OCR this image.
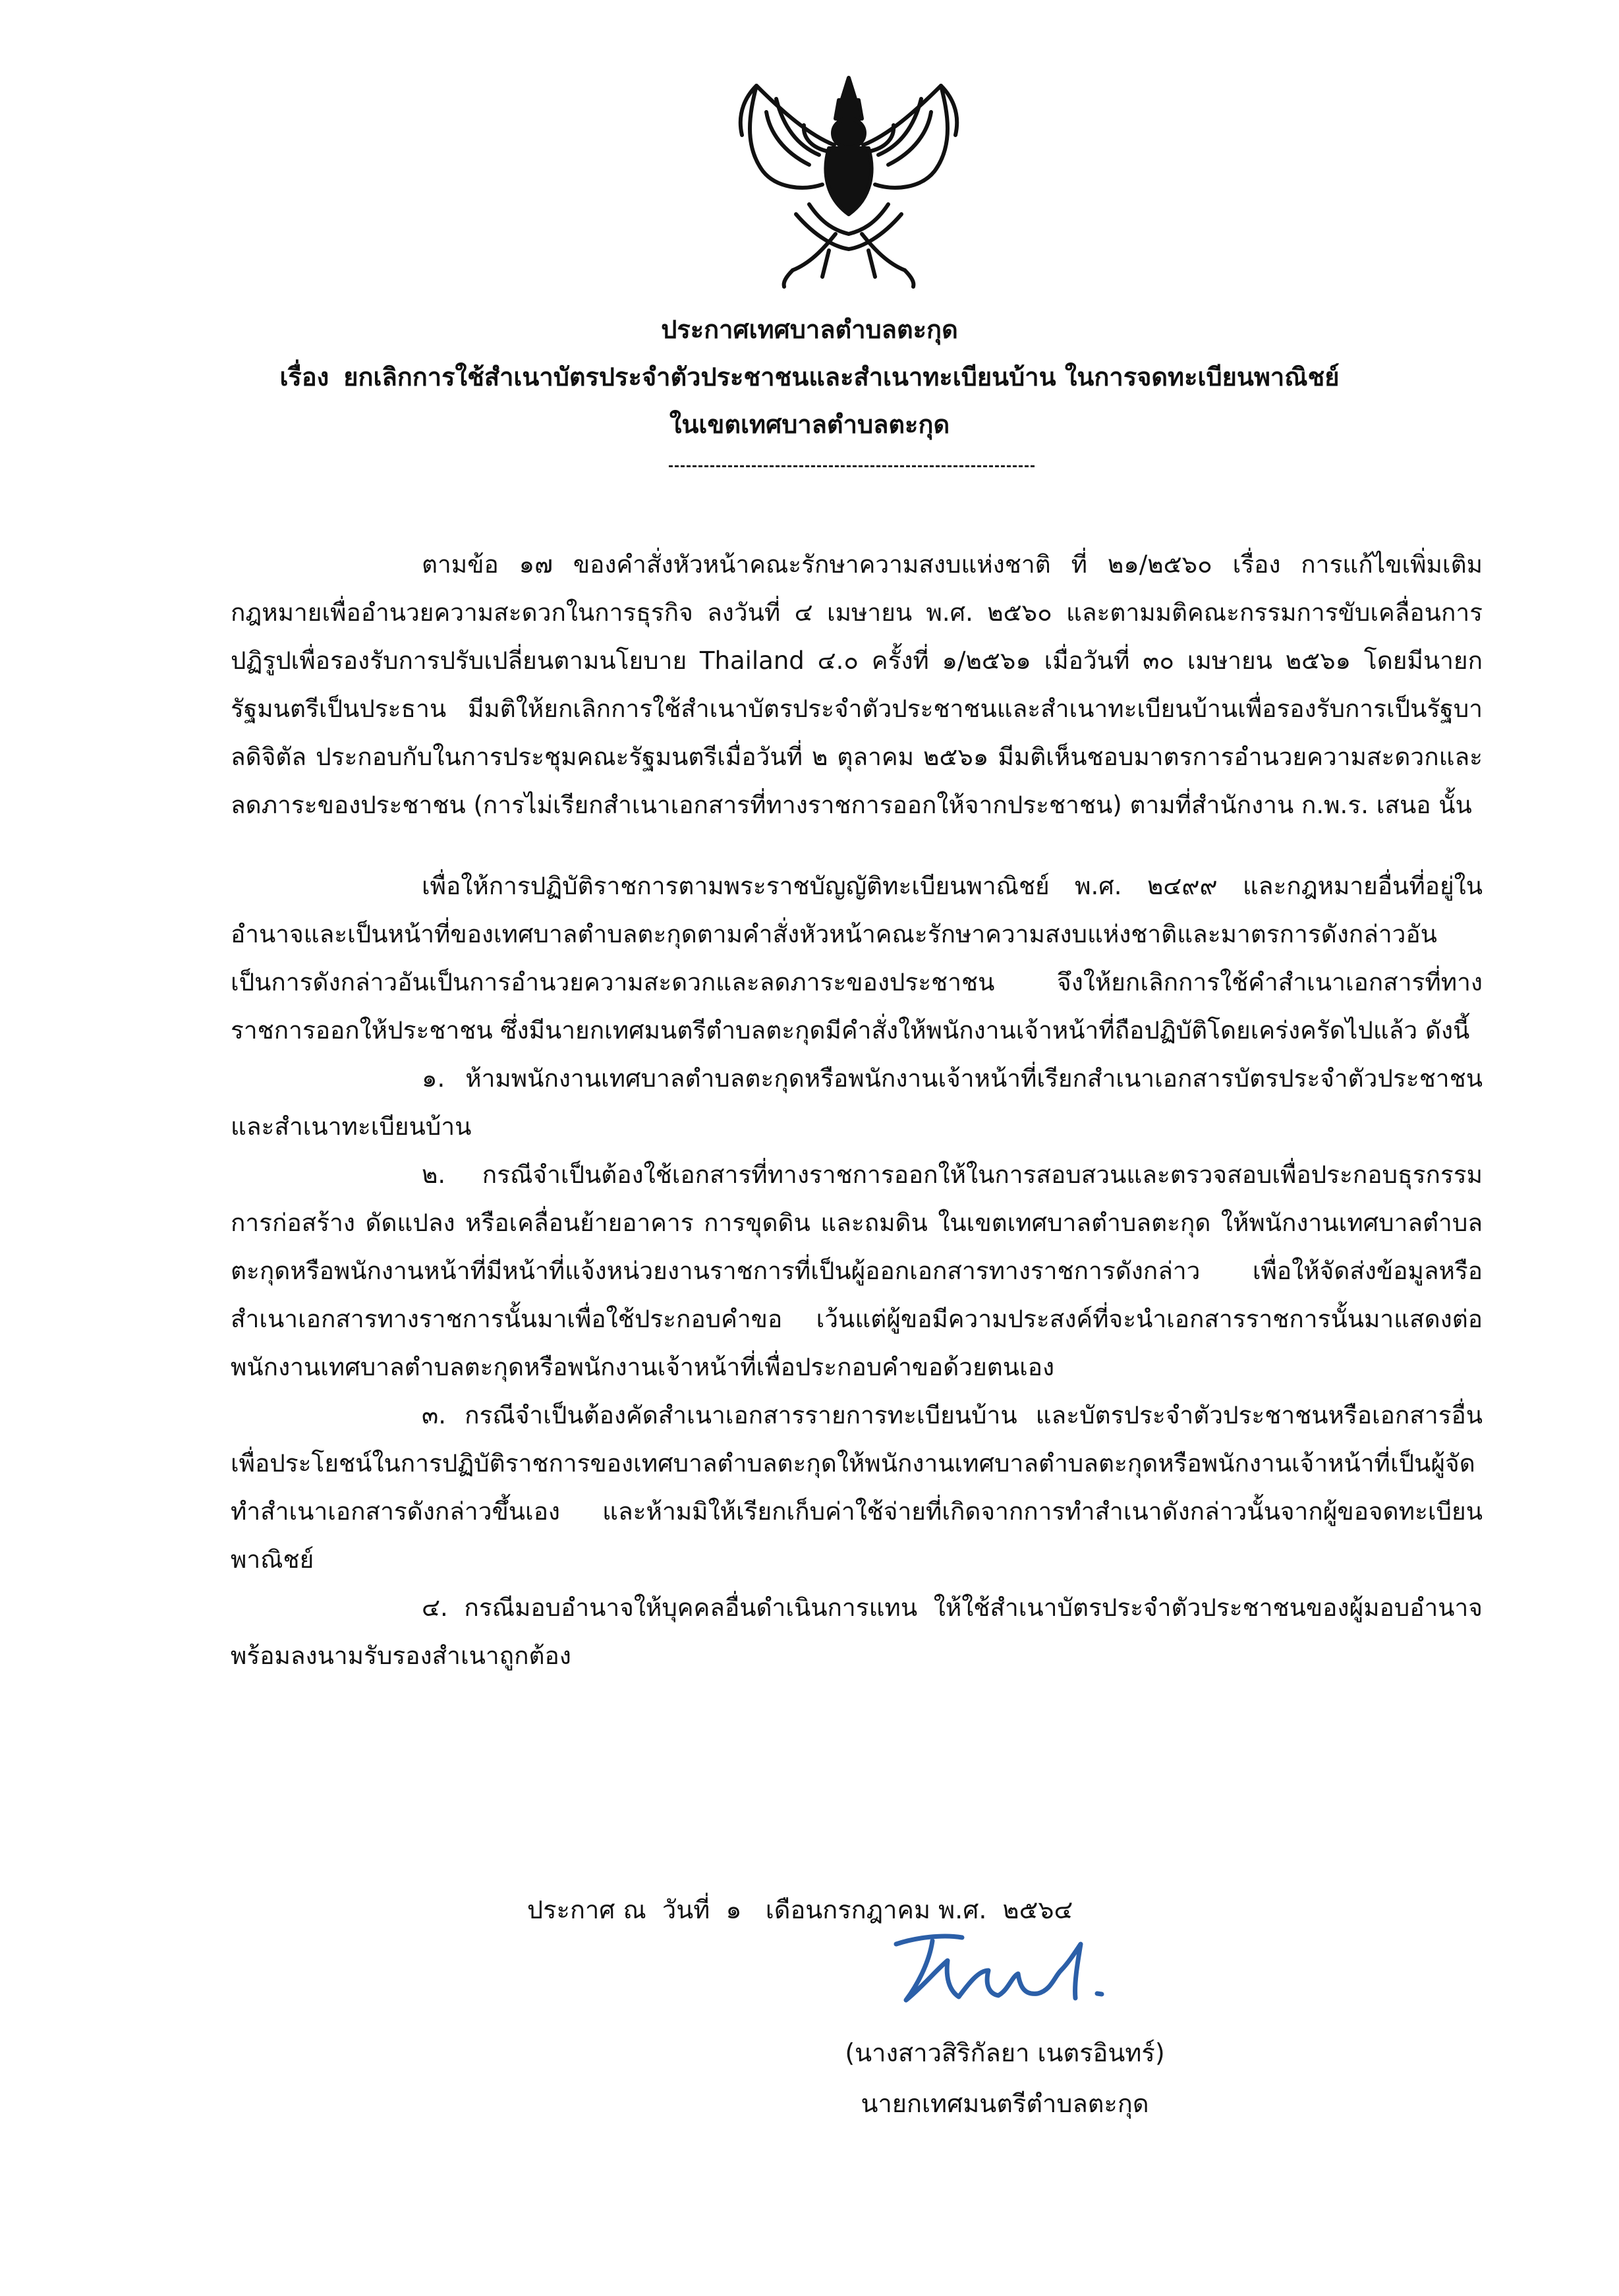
ประกาศเทศบาลตำบลตะกุด
เรื่อง ยกเลิกการใช้สำเนาบัตรประจำตัวประชาชนและสำเนาทะเบียนบ้าน ในการจดทะเบียนพาณิชย์
ในเขตเทศบาลตำบลตะกุด

ตามข้อ ๑๗ ของคำสั่งหัวหน้าคณะรักษาความสงบแห่งชาติ ที่ ๒๑/๒๕๖๐ เรื่อง การแก้ไขเพิ่มเติมกฎหมายเพื่ออำนวยความสะดวกในการธุรกิจ ลงวันที่ ๔ เมษายน พ.ศ. ๒๕๖๐ และตามมติคณะกรรมการขับเคลื่อนการปฏิรูปเพื่อรองรับการปรับเปลี่ยนตามนโยบาย Thailand ๔.๐ ครั้งที่ ๑/๒๕๖๑ เมื่อวันที่ ๓๐ เมษายน ๒๕๖๑ โดยมีนายกรัฐมนตรีเป็นประธาน มีมติให้ยกเลิกการใช้สำเนาบัตรประจำตัวประชาชนและสำเนาทะเบียนบ้านเพื่อรองรับการเป็นรัฐบาลดิจิตัล ประกอบกับในการประชุมคณะรัฐมนตรีเมื่อวันที่ ๒ ตุลาคม ๒๕๖๑ มีมติเห็นชอบมาตรการอำนวยความสะดวกและลดภาระของประชาชน (การไม่เรียกสำเนาเอกสารที่ทางราชการออกให้จากประชาชน) ตามที่สำนักงาน ก.พ.ร. เสนอ นั้น

เพื่อให้การปฏิบัติราชการตามพระราชบัญญัติทะเบียนพาณิชย์ พ.ศ. ๒๔๙๙ และกฎหมายอื่นที่อยู่ในอำนาจและเป็นหน้าที่ของเทศบาลตำบลตะกุดตามคำสั่งหัวหน้าคณะรักษาความสงบแห่งชาติและมาตรการดังกล่าวอันเป็นการดังกล่าวอันเป็นการอำนวยความสะดวกและลดภาระของประชาชน จึงให้ยกเลิกการใช้คำสำเนาเอกสารที่ทางราชการออกให้ประชาชน ซึ่งมีนายกเทศมนตรีตำบลตะกุดมีคำสั่งให้พนักงานเจ้าหน้าที่ถือปฏิบัติโดยเคร่งครัดไปแล้ว ดังนี้

๑. ห้ามพนักงานเทศบาลตำบลตะกุดหรือพนักงานเจ้าหน้าที่เรียกสำเนาเอกสารบัตรประจำตัวประชาชนและสำเนาทะเบียนบ้าน

๒. กรณีจำเป็นต้องใช้เอกสารที่ทางราชการออกให้ในการสอบสวนและตรวจสอบเพื่อประกอบธุรกรรมการก่อสร้าง ดัดแปลง หรือเคลื่อนย้ายอาคาร การขุดดิน และถมดิน ในเขตเทศบาลตำบลตะกุด ให้พนักงานเทศบาลตำบลตะกุดหรือพนักงานหน้าที่มีหน้าที่แจ้งหน่วยงานราชการที่เป็นผู้ออกเอกสารทางราชการดังกล่าว เพื่อให้จัดส่งข้อมูลหรือสำเนาเอกสารทางราชการนั้นมาเพื่อใช้ประกอบคำขอ เว้นแต่ผู้ขอมีความประสงค์ที่จะนำเอกสารราชการนั้นมาแสดงต่อพนักงานเทศบาลตำบลตะกุดหรือพนักงานเจ้าหน้าที่เพื่อประกอบคำขอด้วยตนเอง

๓. กรณีจำเป็นต้องคัดสำเนาเอกสารรายการทะเบียนบ้าน และบัตรประจำตัวประชาชนหรือเอกสารอื่น เพื่อประโยชน์ในการปฏิบัติราชการของเทศบาลตำบลตะกุดให้พนักงานเทศบาลตำบลตะกุดหรือพนักงานเจ้าหน้าที่เป็นผู้จัดทำสำเนาเอกสารดังกล่าวขึ้นเอง และห้ามมิให้เรียกเก็บค่าใช้จ่ายที่เกิดจากการทำสำเนาดังกล่าวนั้นจากผู้ขอจดทะเบียนพาณิชย์

๔. กรณีมอบอำนาจให้บุคคลอื่นดำเนินการแทน ให้ใช้สำเนาบัตรประจำตัวประชาชนของผู้มอบอำนาจ พร้อมลงนามรับรองสำเนาถูกต้อง

ประกาศ ณ  วันที่  ๑   เดือนกรกฎาคม พ.ศ.  ๒๕๖๔
(นางสาวสิริกัลยา เนตรอินทร์)
นายกเทศมนตรีตำบลตะกุด
